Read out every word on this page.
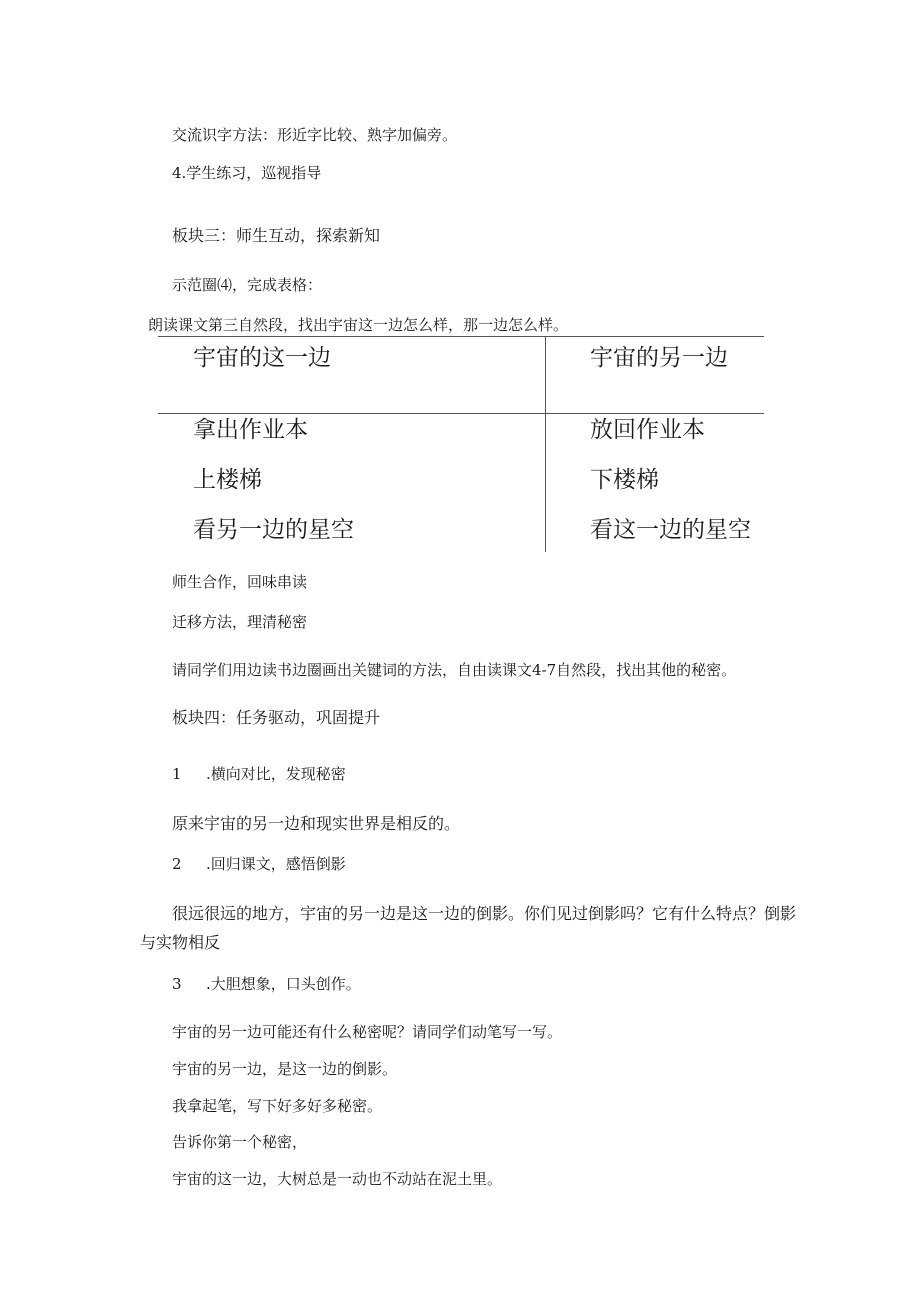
交流识字方法：形近字比较、熟字加偏旁。
4.学生练习，巡视指导
板块三：师生互动，探索新知
示范圈⑷，完成表格：
朗读课文第三自然段，找出宇宙这一边怎么样，那一边怎么样。
宇宙的这一边	宇宙的另一边
拿出作业本	放回作业本
上楼梯	下楼梯
看另一边的星空	看这一边的星空
师生合作，回味串读
迁移方法，理清秘密
请同学们用边读书边圈画出关键词的方法，自由读课文4-7自然段，找出其他的秘密。
板块四：任务驱动，巩固提升
1 .横向对比，发现秘密
原来宇宙的另一边和现实世界是相反的。
2 .回归课文，感悟倒影
很远很远的地方，宇宙的另一边是这一边的倒影。你们见过倒影吗？它有什么特点？倒影
与实物相反
3 .大胆想象，口头创作。
宇宙的另一边可能还有什么秘密呢？请同学们动笔写一写。
宇宙的另一边，是这一边的倒影。
我拿起笔，写下好多好多秘密。
告诉你第一个秘密，
宇宙的这一边，大树总是一动也不动站在泥土里。
